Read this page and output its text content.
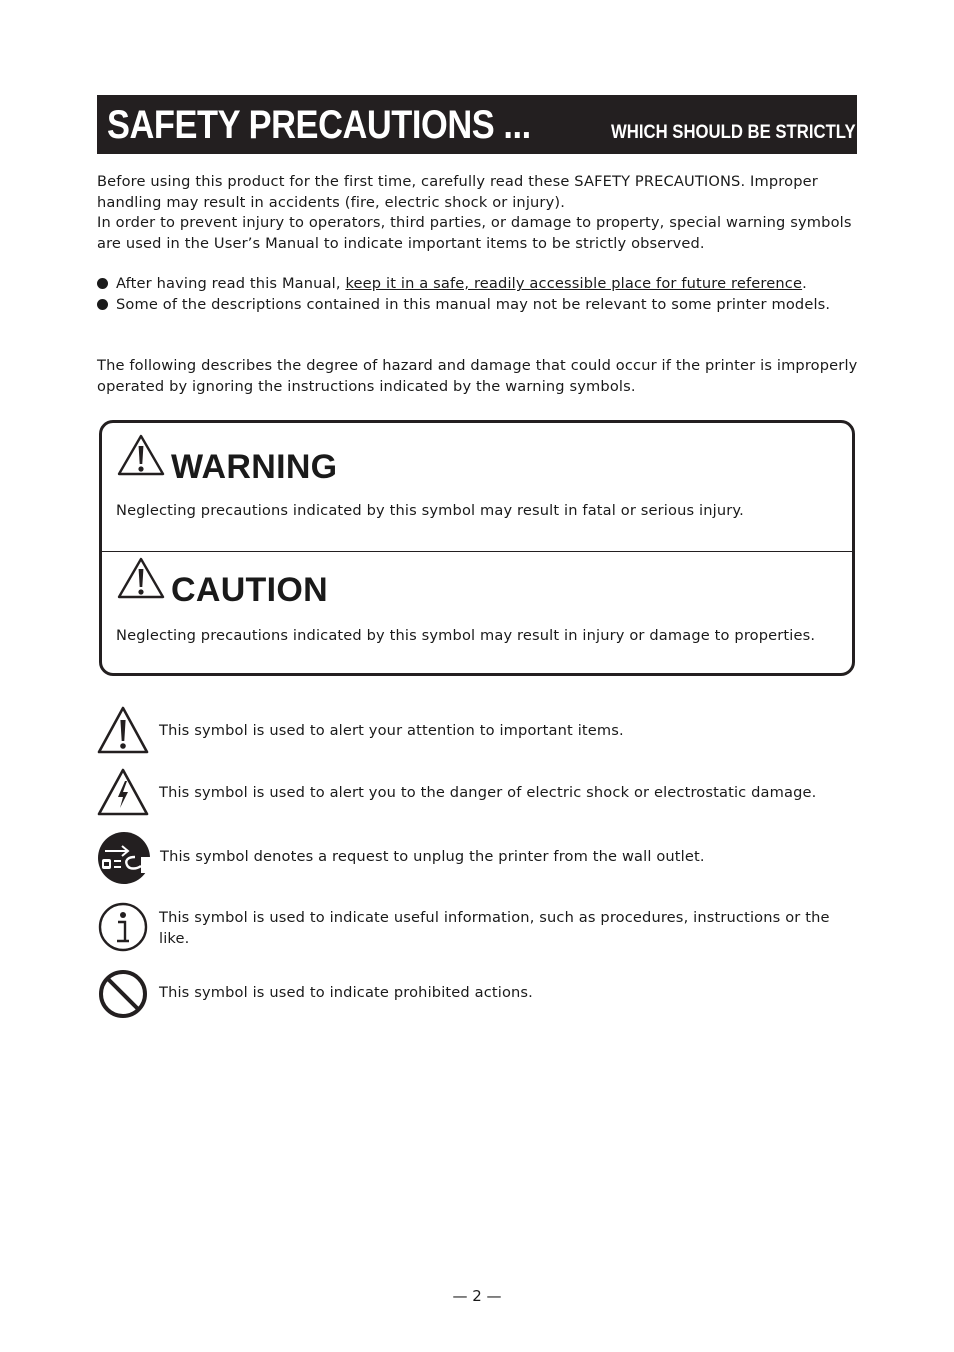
SAFETY PRECAUTIONS ...	WHICH SHOULD BE STRICTLY OBSERVED
Before using this product for the first time, carefully read these SAFETY PRECAUTIONS. Improper handling may result in accidents (fire, electric shock or injury).
In order to prevent injury to operators, third parties, or damage to property, special warning symbols are used in the User’s Manual to indicate important items to be strictly observed.
After having read this Manual, keep it in a safe, readily accessible place for future reference.
Some of the descriptions contained in this manual may not be relevant to some printer models.
The following describes the degree of hazard and damage that could occur if the printer is improperly operated by ignoring the instructions indicated by the warning symbols.
WARNING
Neglecting precautions indicated by this symbol may result in fatal or serious injury.
CAUTION
Neglecting precautions indicated by this symbol may result in injury or damage to properties.
This symbol is used to alert your attention to important items.
This symbol is used to alert you to the danger of electric shock or electrostatic damage.
This symbol denotes a request to unplug the printer from the wall outlet.
This symbol is used to indicate useful information, such as procedures, instructions or the like.
This symbol is used to indicate prohibited actions.
— 2 —
